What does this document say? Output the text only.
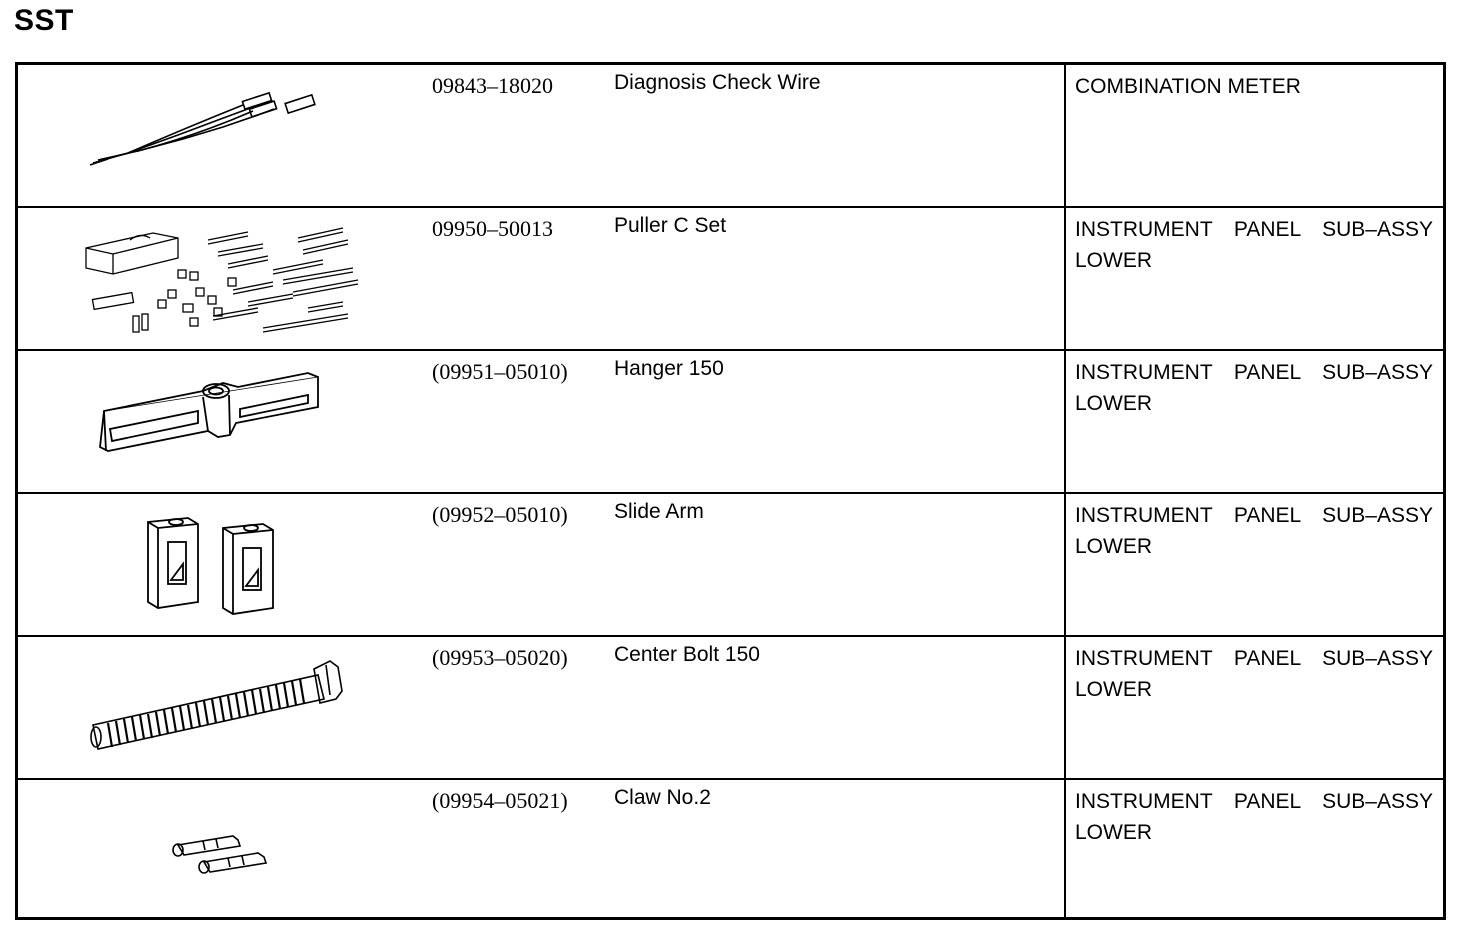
SST
09843–18020	Diagnosis Check Wire	COMBINATION METER
09950–50013	Puller C Set	INSTRUMENT PANEL SUB–ASSY
LOWER
(09951–05010) Hanger 150	INSTRUMENT PANEL SUB–ASSY
LOWER
(09952–05010) Slide Arm	INSTRUMENT PANEL SUB–ASSY
LOWER
(09953–05020) Center Bolt 150	INSTRUMENT PANEL SUB–ASSY
LOWER
(09954–05021) Claw No.2	INSTRUMENT PANEL SUB–ASSY
LOWER
